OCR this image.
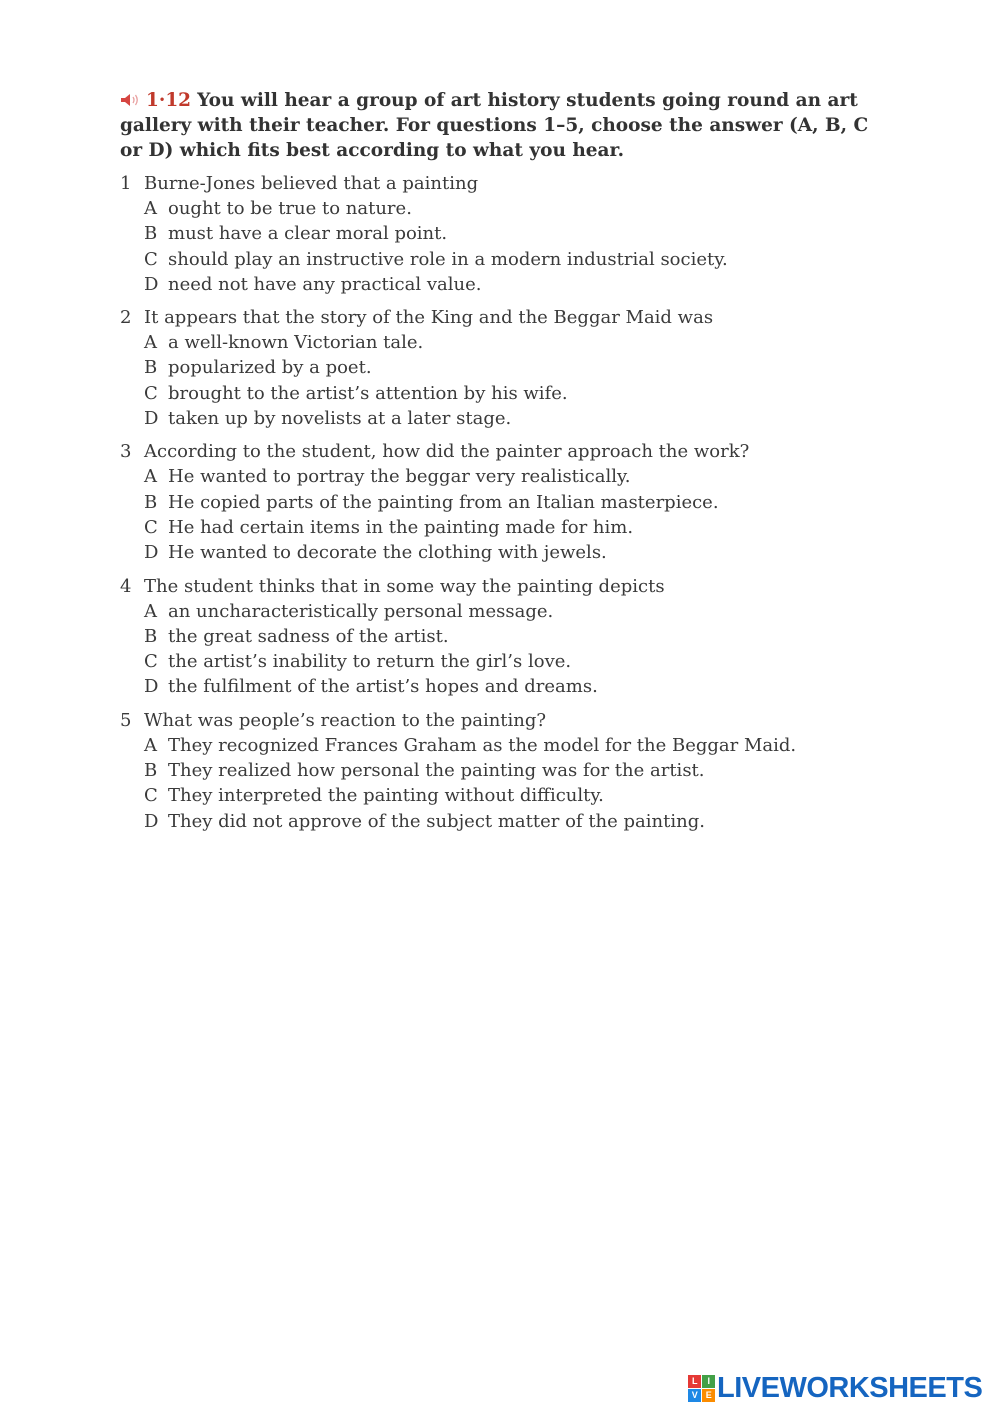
1·12 You will hear a group of art history students going round an art gallery with their teacher. For questions 1–5, choose the answer (A, B, C or D) which fits best according to what you hear.
1 Burne-Jones believed that a painting
A ought to be true to nature.
B must have a clear moral point.
C should play an instructive role in a modern industrial society.
D need not have any practical value.
2 It appears that the story of the King and the Beggar Maid was
A a well-known Victorian tale.
B popularized by a poet.
C brought to the artist’s attention by his wife.
D taken up by novelists at a later stage.
3 According to the student, how did the painter approach the work?
A He wanted to portray the beggar very realistically.
B He copied parts of the painting from an Italian masterpiece.
C He had certain items in the painting made for him.
D He wanted to decorate the clothing with jewels.
4 The student thinks that in some way the painting depicts
A an uncharacteristically personal message.
B the great sadness of the artist.
C the artist’s inability to return the girl’s love.
D the fulfilment of the artist’s hopes and dreams.
5 What was people’s reaction to the painting?
A They recognized Frances Graham as the model for the Beggar Maid.
B They realized how personal the painting was for the artist.
C They interpreted the painting without difficulty.
D They did not approve of the subject matter of the painting.
L	I
V E LIVEWORKSHEETS
